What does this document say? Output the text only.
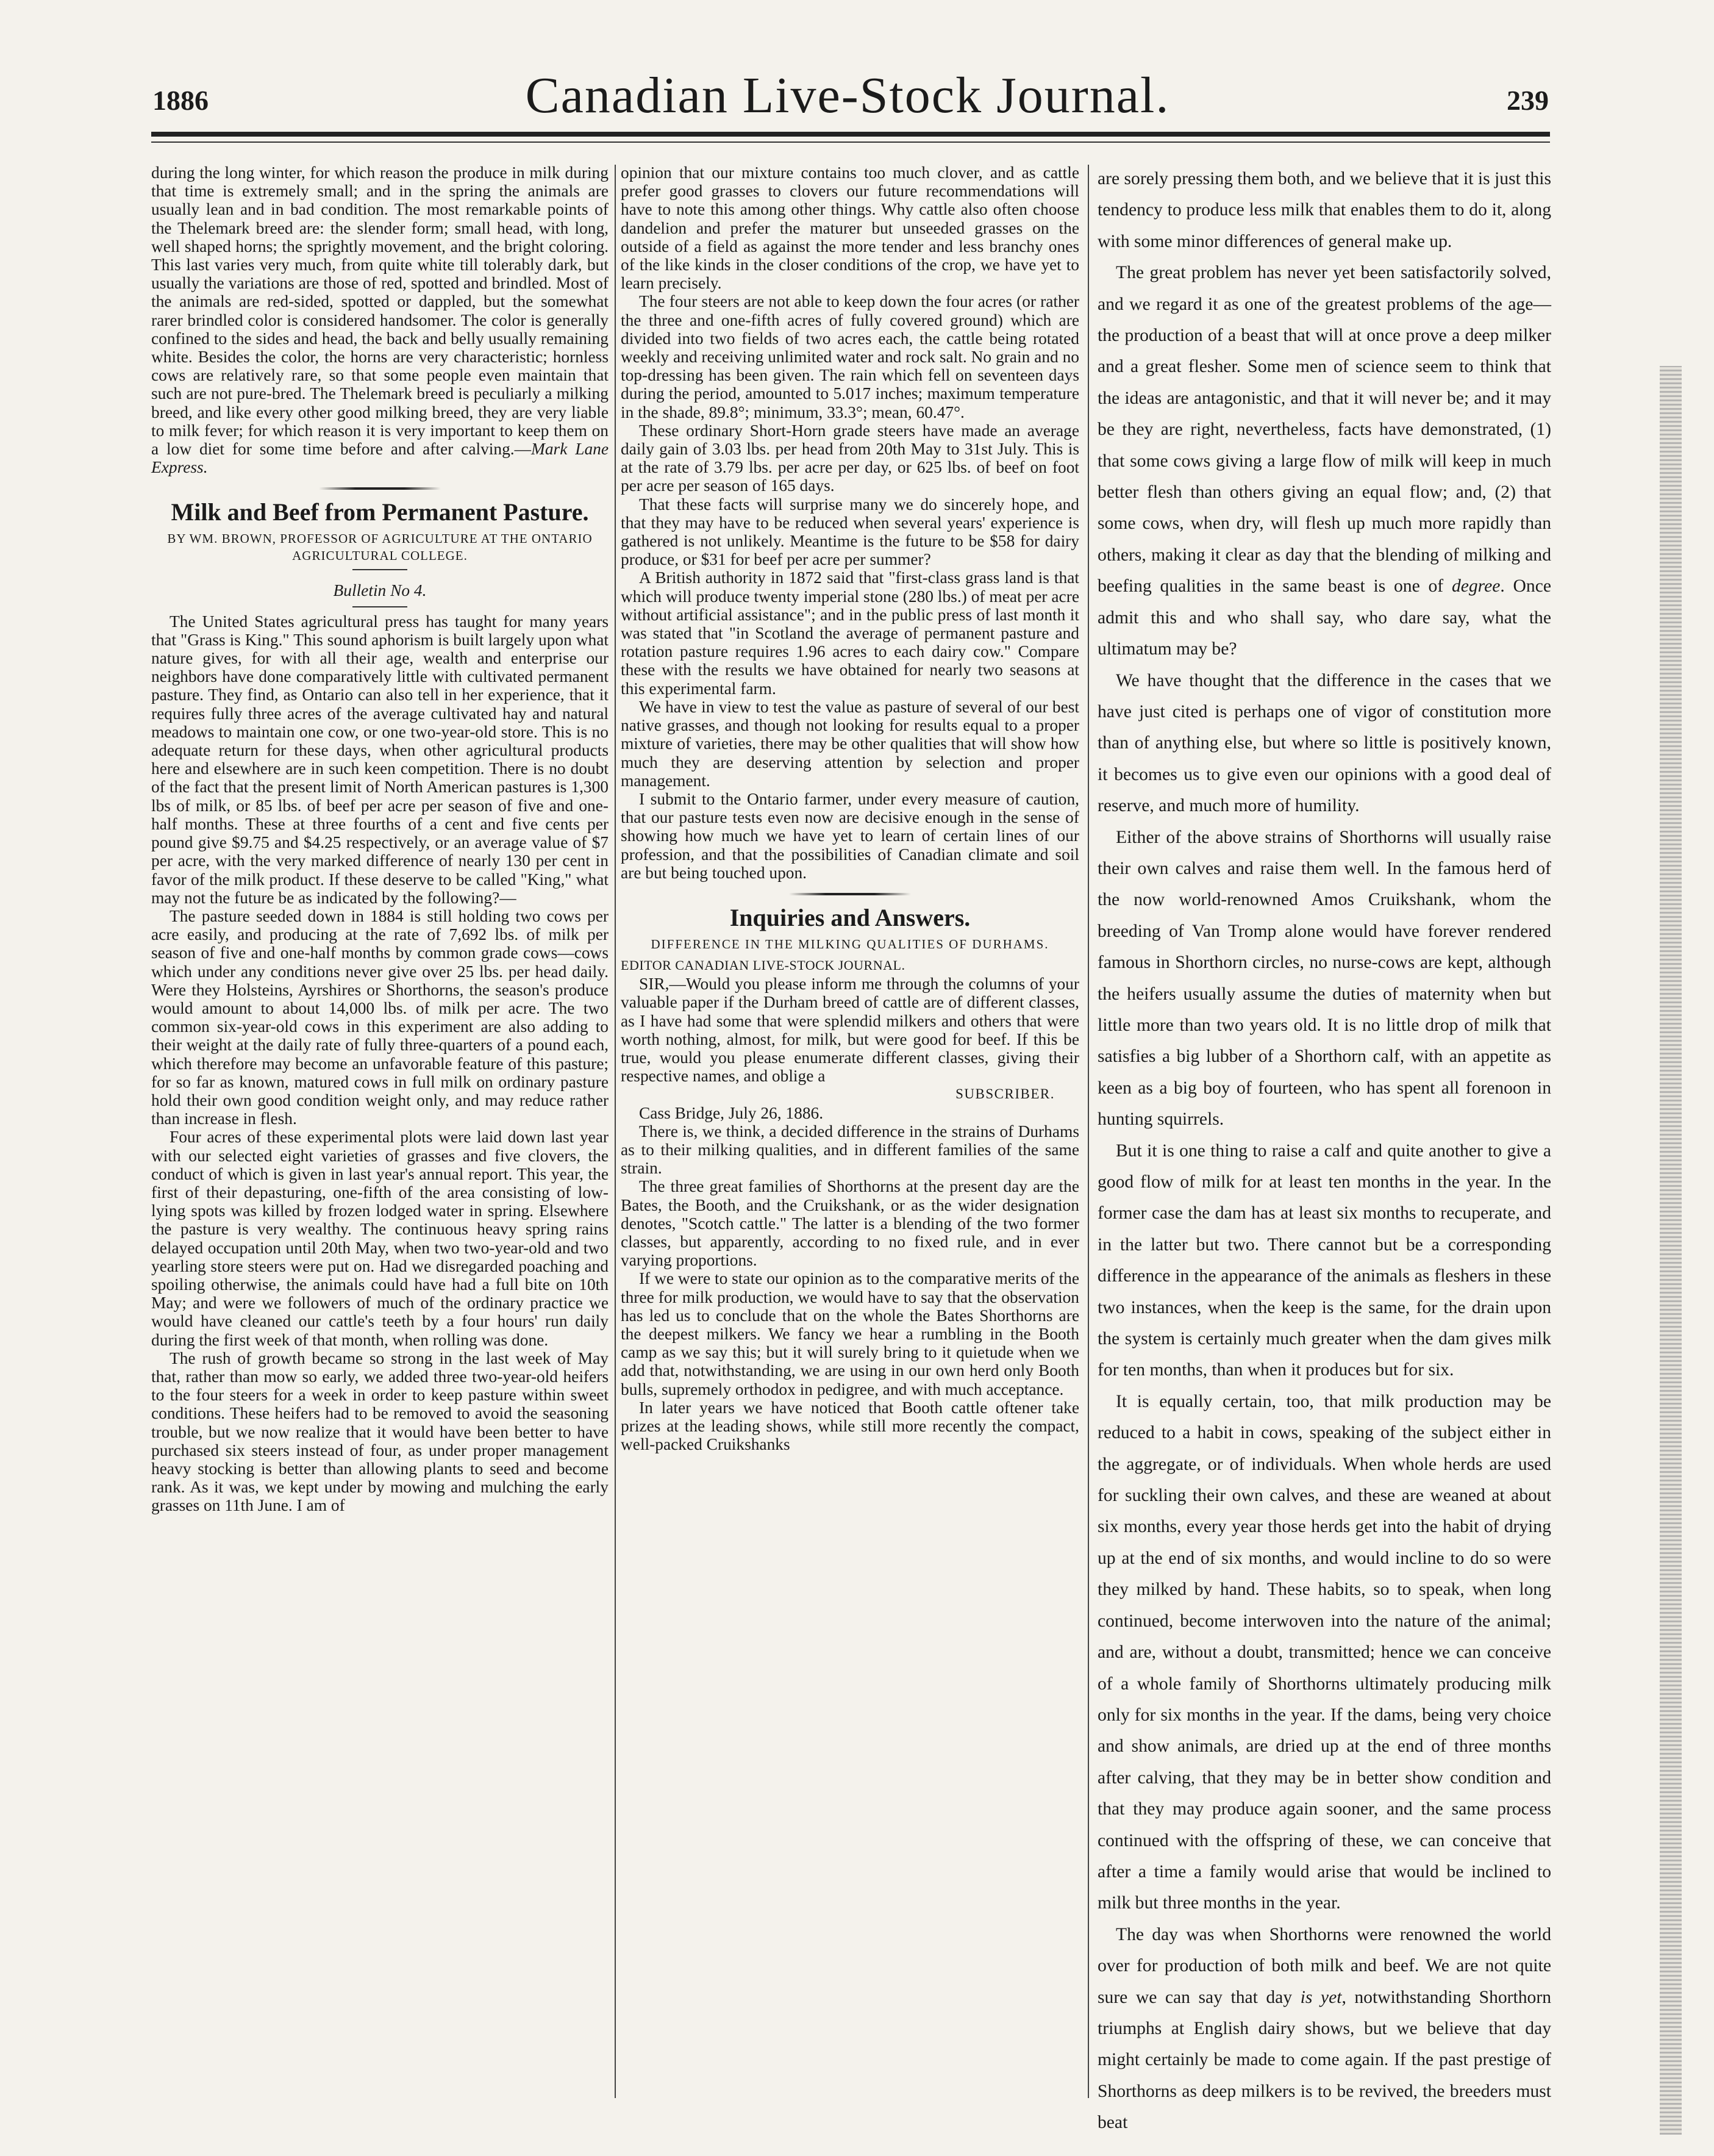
1886	Canadian Live-Stock Journal.	239

during the long winter, for which reason the produce in milk during that time is extremely small; and in the spring the animals are usually lean and in bad condition. The most remarkable points of the Thelemark breed are: the slender form; small head, with long, well shaped horns; the sprightly movement, and the bright coloring. This last varies very much, from quite white till tolerably dark, but usually the variations are those of red, spotted and brindled. Most of the animals are red-sided, spotted or dappled, but the somewhat rarer brindled color is considered handsomer. The color is generally confined to the sides and head, the back and belly usually remaining white. Besides the color, the horns are very characteristic; hornless cows are relatively rare, so that some people even maintain that such are not pure-bred. The Thelemark breed is peculiarly a milking breed, and like every other good milking breed, they are very liable to milk fever; for which reason it is very important to keep them on a low diet for some time before and after calving.—Mark Lane Express.

Milk and Beef from Permanent Pasture.
BY WM. BROWN, PROFESSOR OF AGRICULTURE AT THE ONTARIO AGRICULTURAL COLLEGE.
Bulletin No 4.

The United States agricultural press has taught for many years that "Grass is King." This sound aphorism is built largely upon what nature gives, for with all their age, wealth and enterprise our neighbors have done comparatively little with cultivated permanent pasture. They find, as Ontario can also tell in her experience, that it requires fully three acres of the average cultivated hay and natural meadows to maintain one cow, or one two-year-old store. This is no adequate return for these days, when other agricultural products here and elsewhere are in such keen competition. There is no doubt of the fact that the present limit of North American pastures is 1,300 lbs of milk, or 85 lbs. of beef per acre per season of five and one-half months. These at three fourths of a cent and five cents per pound give $9.75 and $4.25 respectively, or an average value of $7 per acre, with the very marked difference of nearly 130 per cent in favor of the milk product. If these deserve to be called "King," what may not the future be as indicated by the following?—

The pasture seeded down in 1884 is still holding two cows per acre easily, and producing at the rate of 7,692 lbs. of milk per season of five and one-half months by common grade cows—cows which under any conditions never give over 25 lbs. per head daily. Were they Holsteins, Ayrshires or Shorthorns, the season's produce would amount to about 14,000 lbs. of milk per acre. The two common six-year-old cows in this experiment are also adding to their weight at the daily rate of fully three-quarters of a pound each, which therefore may become an unfavorable feature of this pasture; for so far as known, matured cows in full milk on ordinary pasture hold their own good condition weight only, and may reduce rather than increase in flesh.

Four acres of these experimental plots were laid down last year with our selected eight varieties of grasses and five clovers, the conduct of which is given in last year's annual report. This year, the first of their depasturing, one-fifth of the area consisting of low-lying spots was killed by frozen lodged water in spring. Elsewhere the pasture is very wealthy. The continuous heavy spring rains delayed occupation until 20th May, when two two-year-old and two yearling store steers were put on. Had we disregarded poaching and spoiling otherwise, the animals could have had a full bite on 10th May; and were we followers of much of the ordinary practice we would have cleaned our cattle's teeth by a four hours' run daily during the first week of that month, when rolling was done.

The rush of growth became so strong in the last week of May that, rather than mow so early, we added three two-year-old heifers to the four steers for a week in order to keep pasture within sweet conditions. These heifers had to be removed to avoid the seasoning trouble, but we now realize that it would have been better to have purchased six steers instead of four, as under proper management heavy stocking is better than allowing plants to seed and become rank. As it was, we kept under by mowing and mulching the early grasses on 11th June. I am of

opinion that our mixture contains too much clover, and as cattle prefer good grasses to clovers our future recommendations will have to note this among other things. Why cattle also often choose dandelion and prefer the maturer but unseeded grasses on the outside of a field as against the more tender and less branchy ones of the like kinds in the closer conditions of the crop, we have yet to learn precisely.

The four steers are not able to keep down the four acres (or rather the three and one-fifth acres of fully covered ground) which are divided into two fields of two acres each, the cattle being rotated weekly and receiving unlimited water and rock salt. No grain and no top-dressing has been given. The rain which fell on seventeen days during the period, amounted to 5.017 inches; maximum temperature in the shade, 89.8°; minimum, 33.3°; mean, 60.47°.

These ordinary Short-Horn grade steers have made an average daily gain of 3.03 lbs. per head from 20th May to 31st July. This is at the rate of 3.79 lbs. per acre per day, or 625 lbs. of beef on foot per acre per season of 165 days.

That these facts will surprise many we do sincerely hope, and that they may have to be reduced when several years' experience is gathered is not unlikely. Meantime is the future to be $58 for dairy produce, or $31 for beef per acre per summer?

A British authority in 1872 said that "first-class grass land is that which will produce twenty imperial stone (280 lbs.) of meat per acre without artificial assistance"; and in the public press of last month it was stated that "in Scotland the average of permanent pasture and rotation pasture requires 1.96 acres to each dairy cow." Compare these with the results we have obtained for nearly two seasons at this experimental farm.

We have in view to test the value as pasture of several of our best native grasses, and though not looking for results equal to a proper mixture of varieties, there may be other qualities that will show how much they are deserving attention by selection and proper management.

I submit to the Ontario farmer, under every measure of caution, that our pasture tests even now are decisive enough in the sense of showing how much we have yet to learn of certain lines of our profession, and that the possibilities of Canadian climate and soil are but being touched upon.

Inquiries and Answers.
DIFFERENCE IN THE MILKING QUALITIES OF DURHAMS.
EDITOR CANADIAN LIVE-STOCK JOURNAL.

SIR,—Would you please inform me through the columns of your valuable paper if the Durham breed of cattle are of different classes, as I have had some that were splendid milkers and others that were worth nothing, almost, for milk, but were good for beef. If this be true, would you please enumerate different classes, giving their respective names, and oblige a

SUBSCRIBER.

Cass Bridge, July 26, 1886.

There is, we think, a decided difference in the strains of Durhams as to their milking qualities, and in different families of the same strain.

The three great families of Shorthorns at the present day are the Bates, the Booth, and the Cruikshank, or as the wider designation denotes, "Scotch cattle." The latter is a blending of the two former classes, but apparently, according to no fixed rule, and in ever varying proportions.

If we were to state our opinion as to the comparative merits of the three for milk production, we would have to say that the observation has led us to conclude that on the whole the Bates Shorthorns are the deepest milkers. We fancy we hear a rumbling in the Booth camp as we say this; but it will surely bring to it quietude when we add that, notwithstanding, we are using in our own herd only Booth bulls, supremely orthodox in pedigree, and with much acceptance.

In later years we have noticed that Booth cattle oftener take prizes at the leading shows, while still more recently the compact, well-packed Cruikshanks

are sorely pressing them both, and we believe that it is just this tendency to produce less milk that enables them to do it, along with some minor differences of general make up.

The great problem has never yet been satisfactorily solved, and we regard it as one of the greatest problems of the age—the production of a beast that will at once prove a deep milker and a great flesher. Some men of science seem to think that the ideas are antagonistic, and that it will never be; and it may be they are right, nevertheless, facts have demonstrated, (1) that some cows giving a large flow of milk will keep in much better flesh than others giving an equal flow; and, (2) that some cows, when dry, will flesh up much more rapidly than others, making it clear as day that the blending of milking and beefing qualities in the same beast is one of degree. Once admit this and who shall say, who dare say, what the ultimatum may be?

We have thought that the difference in the cases that we have just cited is perhaps one of vigor of constitution more than of anything else, but where so little is positively known, it becomes us to give even our opinions with a good deal of reserve, and much more of humility.

Either of the above strains of Shorthorns will usually raise their own calves and raise them well. In the famous herd of the now world-renowned Amos Cruikshank, whom the breeding of Van Tromp alone would have forever rendered famous in Shorthorn circles, no nurse-cows are kept, although the heifers usually assume the duties of maternity when but little more than two years old. It is no little drop of milk that satisfies a big lubber of a Shorthorn calf, with an appetite as keen as a big boy of fourteen, who has spent all forenoon in hunting squirrels.

But it is one thing to raise a calf and quite another to give a good flow of milk for at least ten months in the year. In the former case the dam has at least six months to recuperate, and in the latter but two. There cannot but be a corresponding difference in the appearance of the animals as fleshers in these two instances, when the keep is the same, for the drain upon the system is certainly much greater when the dam gives milk for ten months, than when it produces but for six.

It is equally certain, too, that milk production may be reduced to a habit in cows, speaking of the subject either in the aggregate, or of individuals. When whole herds are used for suckling their own calves, and these are weaned at about six months, every year those herds get into the habit of drying up at the end of six months, and would incline to do so were they milked by hand. These habits, so to speak, when long continued, become interwoven into the nature of the animal; and are, without a doubt, transmitted; hence we can conceive of a whole family of Shorthorns ultimately producing milk only for six months in the year. If the dams, being very choice and show animals, are dried up at the end of three months after calving, that they may be in better show condition and that they may produce again sooner, and the same process continued with the offspring of these, we can conceive that after a time a family would arise that would be inclined to milk but three months in the year.

The day was when Shorthorns were renowned the world over for production of both milk and beef. We are not quite sure we can say that day is yet, notwithstanding Shorthorn triumphs at English dairy shows, but we believe that day might certainly be made to come again. If the past prestige of Shorthorns as deep milkers is to be revived, the breeders must beat
